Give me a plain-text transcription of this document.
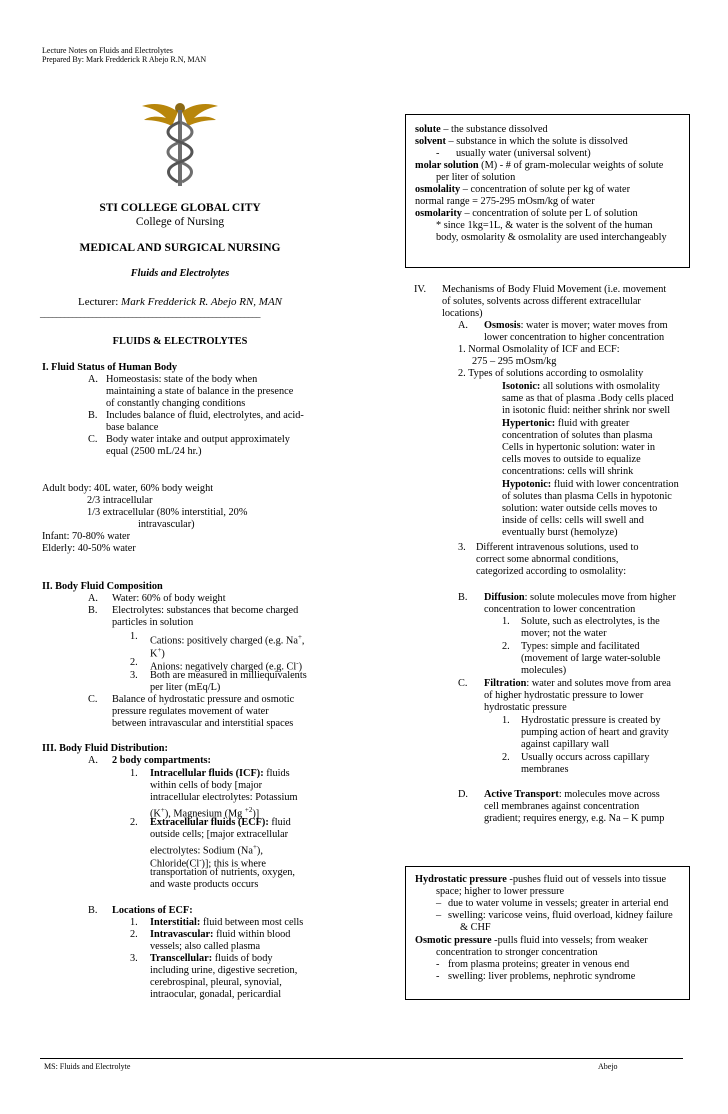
Lecture Notes on Fluids and Electrolytes
Prepared By: Mark Fredderick R Abejo R.N, MAN
STI COLLEGE GLOBAL CITY
College of Nursing
MEDICAL AND SURGICAL NURSING
Fluids and Electrolytes
Lecturer: Mark Fredderick R. Abejo RN, MAN
_______________________________________________________
FLUIDS & ELECTROLYTES
I. Fluid Status of Human Body
A. Homeostasis: state of the body when
maintaining a state of balance in the presence
of constantly changing conditions
B. Includes balance of fluid, electrolytes, and acid-
base balance
C. Body water intake and output approximately
equal (2500 mL/24 hr.)
Adult body: 40L water, 60% body weight
2/3 intracellular
1/3 extracellular (80% interstitial, 20%
intravascular)
Infant: 70-80% water
Elderly: 40-50% water
II. Body Fluid Composition
A. Water: 60% of body weight
B. Electrolytes: substances that become charged
particles in solution
1. Cations: positively charged (e.g. Na+,
K+)
2. Anions: negatively charged (e.g. Cl-)
3. Both are measured in milliequivalents
per liter (mEq/L)
C. Balance of hydrostatic pressure and osmotic
pressure regulates movement of water
between intravascular and interstitial spaces
III. Body Fluid Distribution:
A. 2 body compartments:
1. Intracellular fluids (ICF): fluids
within cells of body [major
intracellular electrolytes: Potassium
(K+), Magnesium (Mg $^{+2}$)]
2. Extracellular fluids (ECF): fluid
outside cells; [major extracellular
electrolytes: Sodium (Na+),
Chloride(Cl-)]; this is where
transportation of nutrients, oxygen,
and waste products occurs
B. Locations of ECF:
1. Interstitial: fluid between most cells
2. Intravascular: fluid within blood
vessels; also called plasma
3. Transcellular: fluids of body
including urine, digestive secretion,
cerebrospinal, pleural, synovial,
intraocular, gonadal, pericardial
solute – the substance dissolved
solvent – substance in which the solute is dissolved
- usually water (universal solvent)
molar solution (M) - # of gram-molecular weights of solute
per liter of solution
osmolality – concentration of solute per kg of water
normal range = 275-295 mOsm/kg of water
osmolarity – concentration of solute per L of solution
* since 1kg=1L, & water is the solvent of the human
body, osmolarity & osmolality are used interchangeably
IV. Mechanisms of Body Fluid Movement (i.e. movement
of solutes, solvents across different extracellular
locations)
A. Osmosis: water is mover; water moves from
lower concentration to higher concentration
1. Normal Osmolality of ICF and ECF:
275 – 295 mOsm/kg
2. Types of solutions according to osmolality
Isotonic: all solutions with osmolality
same as that of plasma .Body cells placed
in isotonic fluid: neither shrink nor swell
Hypertonic: fluid with greater
concentration of solutes than plasma
Cells in hypertonic solution: water in
cells moves to outside to equalize
concentrations: cells will shrink
Hypotonic: fluid with lower concentration
of solutes than plasma Cells in hypotonic
solution: water outside cells moves to
inside of cells: cells will swell and
eventually burst (hemolyze)
3. Different intravenous solutions, used to
correct some abnormal conditions,
categorized according to osmolality:
B. Diffusion: solute molecules move from higher
concentration to lower concentration
1. Solute, such as electrolytes, is the
mover; not the water
2. Types: simple and facilitated
(movement of large water-soluble
molecules)
C. Filtration: water and solutes move from area
of higher hydrostatic pressure to lower
hydrostatic pressure
1. Hydrostatic pressure is created by
pumping action of heart and gravity
against capillary wall
2. Usually occurs across capillary
membranes
D. Active Transport: molecules move across
cell membranes against concentration
gradient; requires energy, e.g. Na – K pump
Hydrostatic pressure -pushes fluid out of vessels into tissue
space; higher to lower pressure
– due to water volume in vessels; greater in arterial end
– swelling: varicose veins, fluid overload, kidney failure
& CHF
Osmotic pressure -pulls fluid into vessels; from weaker
concentration to stronger concentration
- from plasma proteins; greater in venous end
- swelling: liver problems, nephrotic syndrome
MS: Fluids and Electrolyte	Abejo
